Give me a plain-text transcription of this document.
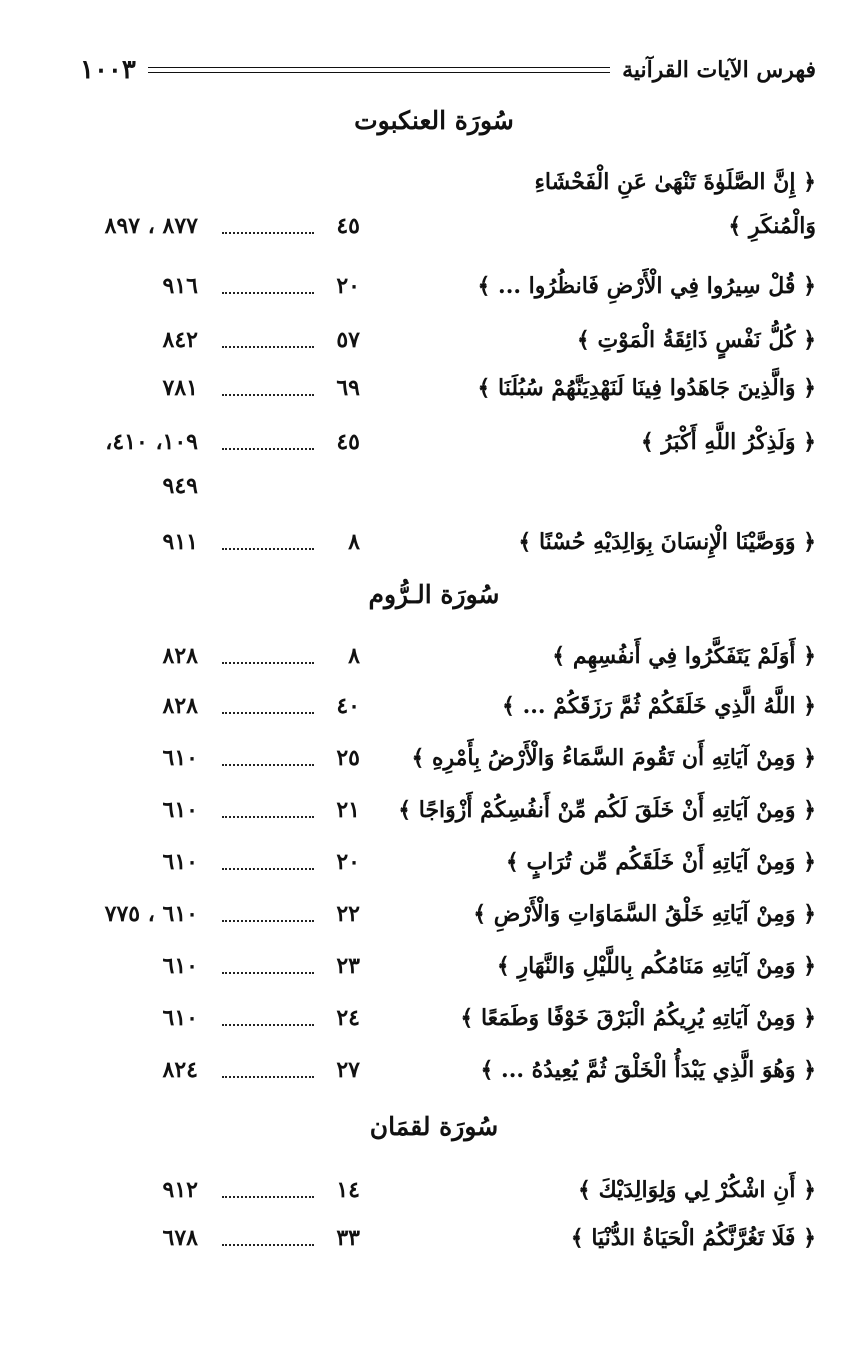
١٠٠٣	فهرس الآيات القرآنية
سُورَة العنكبوت
﴿ إِنَّ الصَّلَوٰةَ تَنْهَىٰ عَنِ الْفَحْشَاءِ
وَالْمُنكَرِ ﴾
٤٥
٨٧٧ ، ٨٩٧
﴿ قُلْ سِيرُوا فِي الْأَرْضِ فَانظُرُوا ... ﴾
٢٠
٩١٦
﴿ كُلُّ نَفْسٍ ذَائِقَةُ الْمَوْتِ ﴾
٥٧
٨٤٢
﴿ وَالَّذِينَ جَاهَدُوا فِينَا لَنَهْدِيَنَّهُمْ سُبُلَنَا ﴾
٦٩
٧٨١
﴿ وَلَذِكْرُ اللَّهِ أَكْبَرُ ﴾
٤٥
١٠٩، ٤١٠،
٩٤٩
﴿ وَوَصَّيْنَا الْإِنسَانَ بِوَالِدَيْهِ حُسْنًا ﴾
٨
٩١١
سُورَة الـرُّوم
﴿ أَوَلَمْ يَتَفَكَّرُوا فِي أَنفُسِهِم ﴾
٨
٨٢٨
﴿ اللَّهُ الَّذِي خَلَقَكُمْ ثُمَّ رَزَقَكُمْ ... ﴾
٤٠
٨٢٨
﴿ وَمِنْ آيَاتِهِ أَن تَقُومَ السَّمَاءُ وَالْأَرْضُ بِأَمْرِهِ ﴾
٢٥
٦١٠
﴿ وَمِنْ آيَاتِهِ أَنْ خَلَقَ لَكُم مِّنْ أَنفُسِكُمْ أَزْوَاجًا ﴾
٢١
٦١٠
﴿ وَمِنْ آيَاتِهِ أَنْ خَلَقَكُم مِّن تُرَابٍ ﴾
٢٠
٦١٠
﴿ وَمِنْ آيَاتِهِ خَلْقُ السَّمَاوَاتِ وَالْأَرْضِ ﴾
٢٢
٦١٠ ، ٧٧٥
﴿ وَمِنْ آيَاتِهِ مَنَامُكُم بِاللَّيْلِ وَالنَّهَارِ ﴾
٢٣
٦١٠
﴿ وَمِنْ آيَاتِهِ يُرِيكُمُ الْبَرْقَ خَوْفًا وَطَمَعًا ﴾
٢٤
٦١٠
﴿ وَهُوَ الَّذِي يَبْدَأُ الْخَلْقَ ثُمَّ يُعِيدُهُ ... ﴾
٢٧
٨٢٤
سُورَة لقمَان
﴿ أَنِ اشْكُرْ لِي وَلِوَالِدَيْكَ ﴾
١٤
٩١٢
﴿ فَلَا تَغُرَّنَّكُمُ الْحَيَاةُ الدُّنْيَا ﴾
٣٣
٦٧٨
